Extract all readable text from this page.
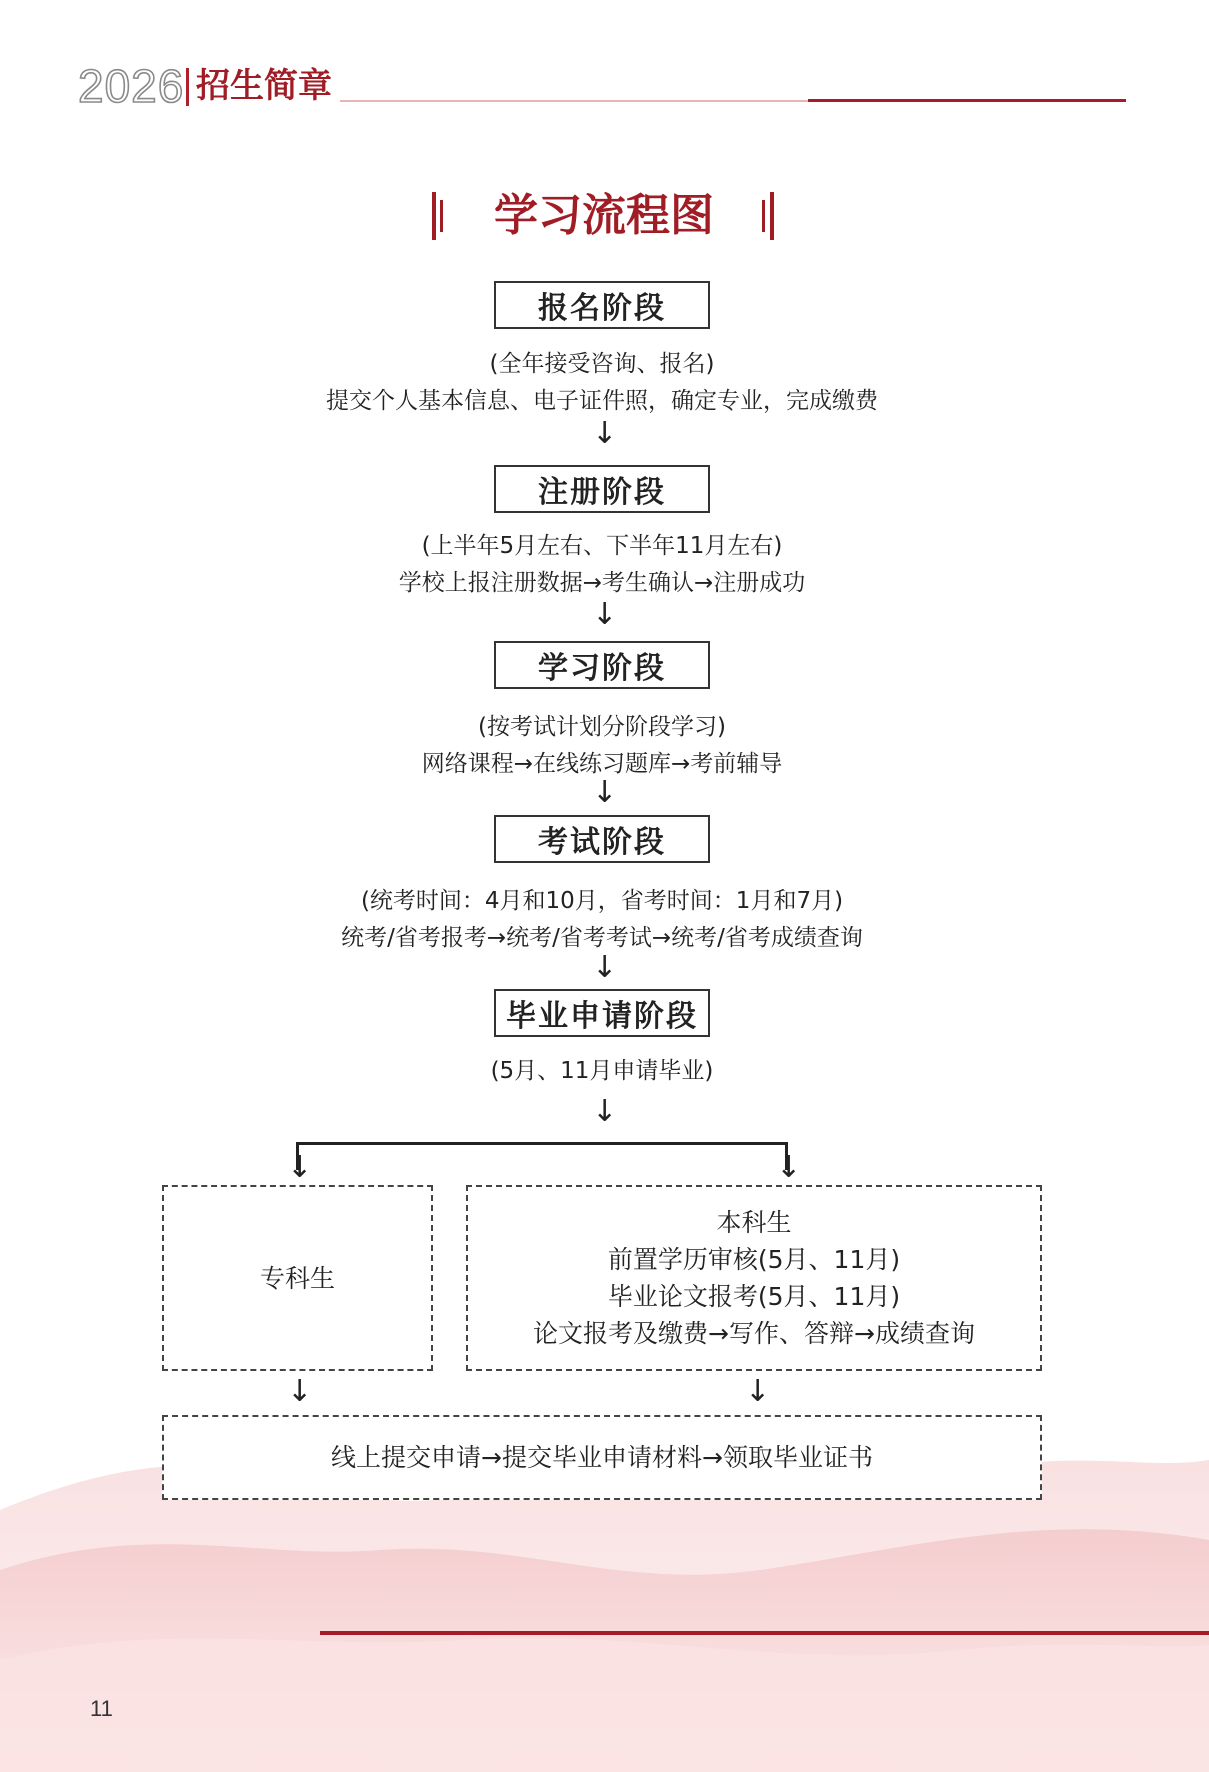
2026 招生简章
学习流程图
报名阶段
(全年接受咨询、报名)
提交个人基本信息、电子证件照，确定专业，完成缴费
↓
注册阶段
(上半年5月左右、下半年11月左右)
学校上报注册数据→考生确认→注册成功
↓
学习阶段
(按考试计划分阶段学习)
网络课程→在线练习题库→考前辅导
↓
考试阶段
(统考时间：4月和10月，省考时间：1月和7月)
统考/省考报考→统考/省考考试→统考/省考成绩查询
↓
毕业申请阶段
(5月、11月申请毕业)
↓
↓	↓
专科生
本科生
前置学历审核(5月、11月)
毕业论文报考(5月、11月)
论文报考及缴费→写作、答辩→成绩查询
↓	↓
线上提交申请→提交毕业申请材料→领取毕业证书
11
